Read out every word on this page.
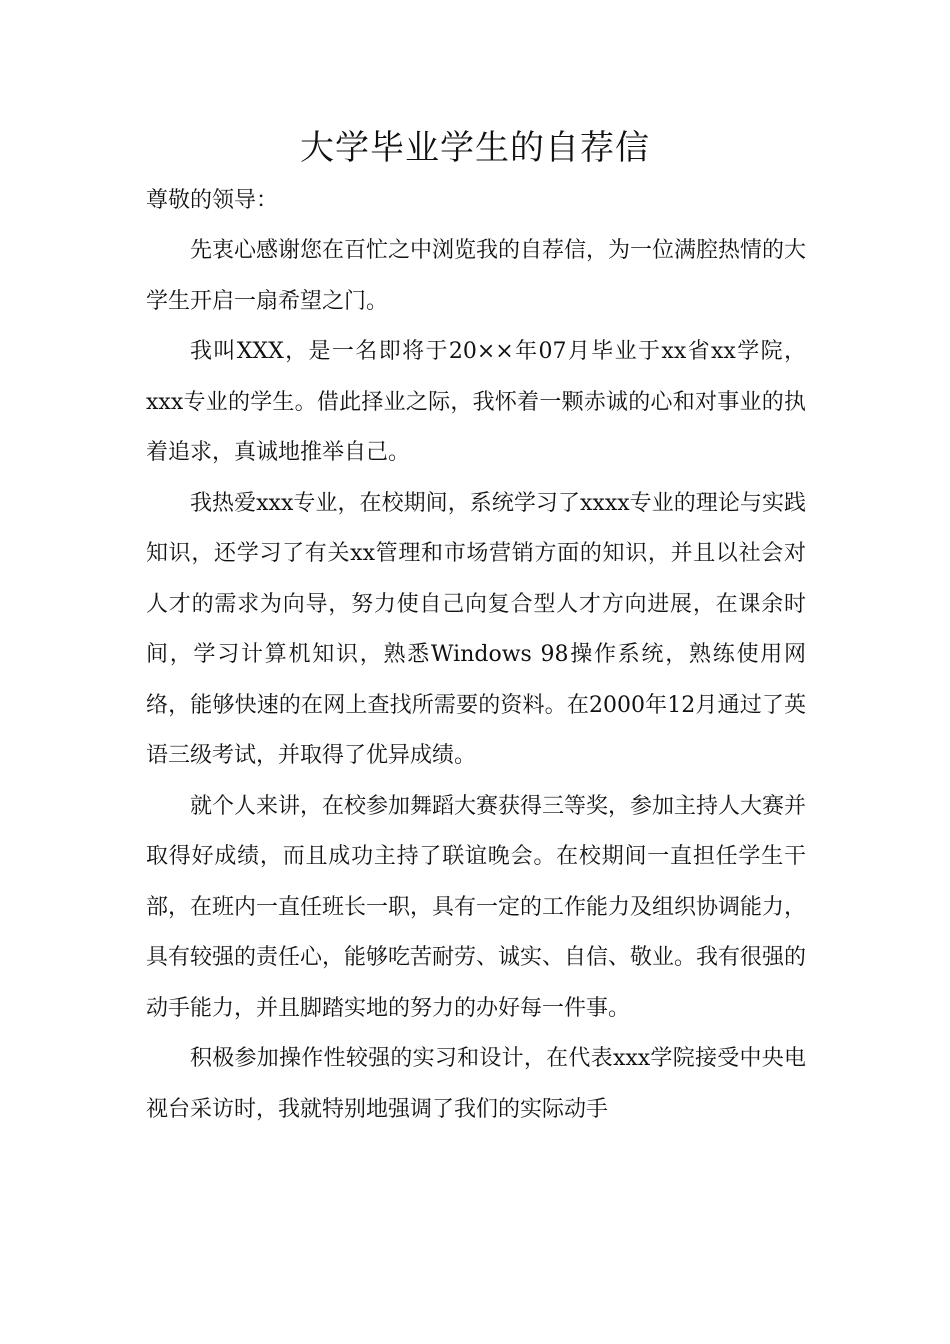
大学毕业学生的自荐信

尊敬的领导：

先衷心感谢您在百忙之中浏览我的自荐信，为一位满腔热情的大学生开启一扇希望之门。

我叫XXX，是一名即将于20××年07月毕业于xx省xx学院，xxx专业的学生。借此择业之际，我怀着一颗赤诚的心和对事业的执着追求，真诚地推举自己。

我热爱xxx专业，在校期间，系统学习了xxxx专业的理论与实践知识，还学习了有关xx管理和市场营销方面的知识，并且以社会对人才的需求为向导，努力使自己向复合型人才方向进展，在课余时间，学习计算机知识，熟悉Windows 98操作系统，熟练使用网络，能够快速的在网上查找所需要的资料。在2000年12月通过了英语三级考试，并取得了优异成绩。

就个人来讲，在校参加舞蹈大赛获得三等奖，参加主持人大赛并取得好成绩，而且成功主持了联谊晚会。在校期间一直担任学生干部，在班内一直任班长一职，具有一定的工作能力及组织协调能力，具有较强的责任心，能够吃苦耐劳、诚实、自信、敬业。我有很强的动手能力，并且脚踏实地的努力的办好每一件事。

积极参加操作性较强的实习和设计，在代表xxx学院接受中央电视台采访时，我就特别地强调了我们的实际动手
